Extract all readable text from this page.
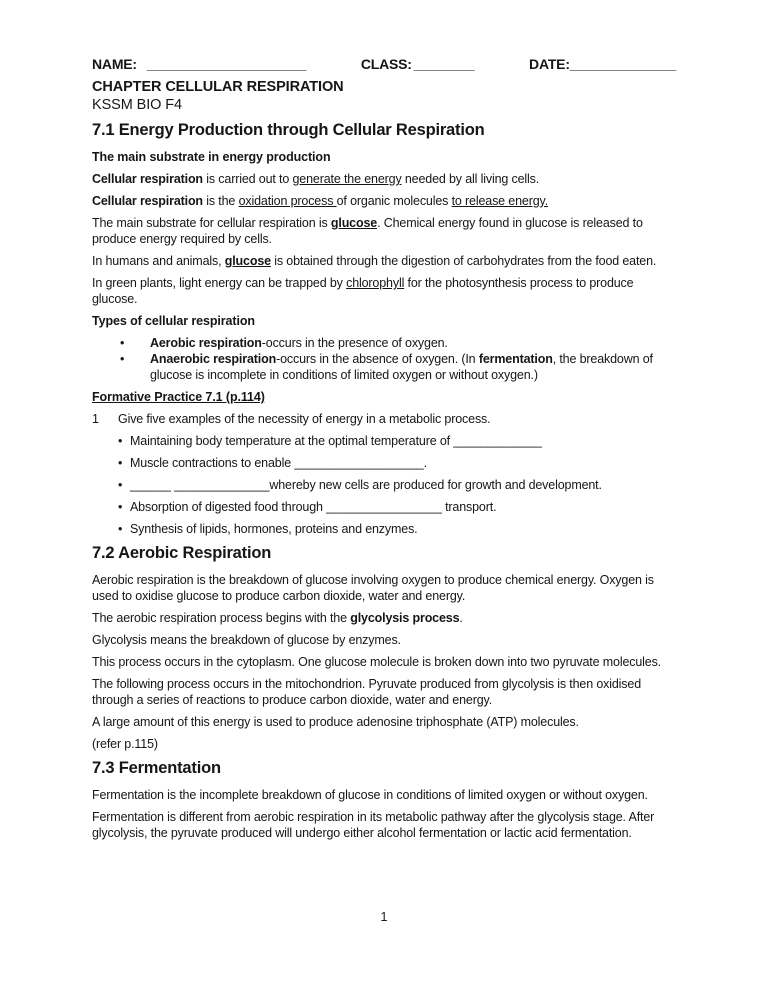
NAME: _____________________	CLASS: ________	DATE:______________
CHAPTER CELLULAR RESPIRATION
KSSM BIO F4
7.1 Energy Production through Cellular Respiration
The main substrate in energy production

Cellular respiration is carried out to generate the energy needed by all living cells.

Cellular respiration is the oxidation process of organic molecules to release energy.

The main substrate for cellular respiration is glucose. Chemical energy found in glucose is released to produce energy required by cells.

In humans and animals, glucose is obtained through the digestion of carbohydrates from the food eaten.

In green plants, light energy can be trapped by chlorophyll for the photosynthesis process to produce glucose.

Types of cellular respiration
•	Aerobic respiration-occurs in the presence of oxygen.
•	Anaerobic respiration-occurs in the absence of oxygen. (In fermentation, the breakdown of glucose is incomplete in conditions of limited oxygen or without oxygen.)
Formative Practice 7.1 (p.114)
1	Give five examples of the necessity of energy in a metabolic process.
• Maintaining body temperature at the optimal temperature of _____________
• Muscle contractions to enable ___________________.
• ______ ______________whereby new cells are produced for growth and development.
• Absorption of digested food through _________________ transport.
• Synthesis of lipids, hormones, proteins and enzymes.
7.2 Aerobic Respiration

Aerobic respiration is the breakdown of glucose involving oxygen to produce chemical energy. Oxygen is used to oxidise glucose to produce carbon dioxide, water and energy.

The aerobic respiration process begins with the glycolysis process.

Glycolysis means the breakdown of glucose by enzymes.

This process occurs in the cytoplasm. One glucose molecule is broken down into two pyruvate molecules.

The following process occurs in the mitochondrion. Pyruvate produced from glycolysis is then oxidised through a series of reactions to produce carbon dioxide, water and energy.

A large amount of this energy is used to produce adenosine triphosphate (ATP) molecules.

(refer p.115)

7.3 Fermentation

Fermentation is the incomplete breakdown of glucose in conditions of limited oxygen or without oxygen.

Fermentation is different from aerobic respiration in its metabolic pathway after the glycolysis stage. After glycolysis, the pyruvate produced will undergo either alcohol fermentation or lactic acid fermentation.

1
